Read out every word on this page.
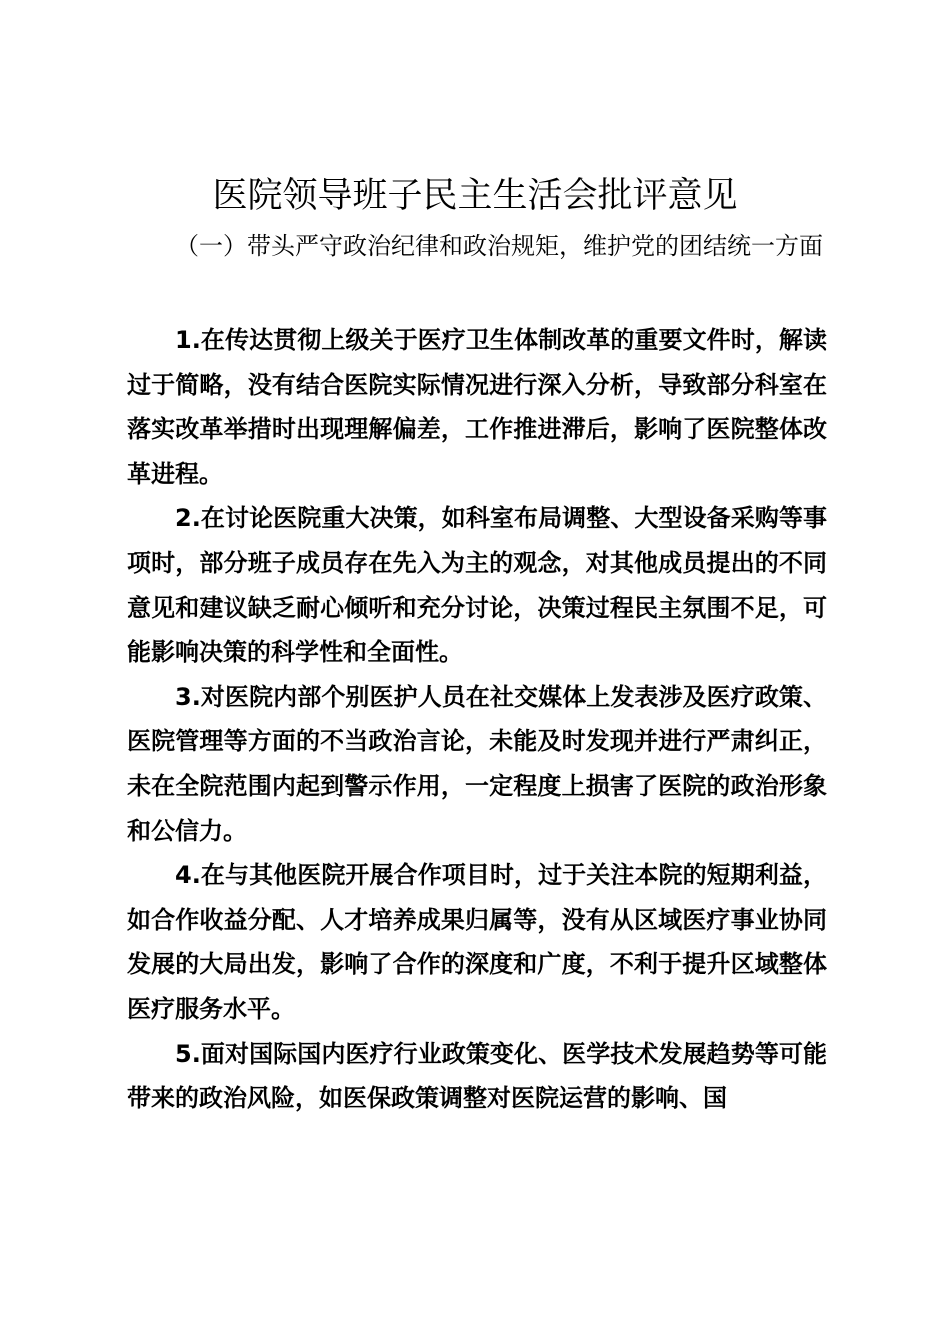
医院领导班子民主生活会批评意见

（一）带头严守政治纪律和政治规矩，维护党的团结统一方面

1.在传达贯彻上级关于医疗卫生体制改革的重要文件时，解读过于简略，没有结合医院实际情况进行深入分析，导致部分科室在落实改革举措时出现理解偏差，工作推进滞后，影响了医院整体改革进程。

2.在讨论医院重大决策，如科室布局调整、大型设备采购等事项时，部分班子成员存在先入为主的观念，对其他成员提出的不同意见和建议缺乏耐心倾听和充分讨论，决策过程民主氛围不足，可能影响决策的科学性和全面性。

3.对医院内部个别医护人员在社交媒体上发表涉及医疗政策、医院管理等方面的不当政治言论，未能及时发现并进行严肃纠正，未在全院范围内起到警示作用，一定程度上损害了医院的政治形象和公信力。

4.在与其他医院开展合作项目时，过于关注本院的短期利益，如合作收益分配、人才培养成果归属等，没有从区域医疗事业协同发展的大局出发，影响了合作的深度和广度，不利于提升区域整体医疗服务水平。

5.面对国际国内医疗行业政策变化、医学技术发展趋势等可能带来的政治风险，如医保政策调整对医院运营的影响、国
